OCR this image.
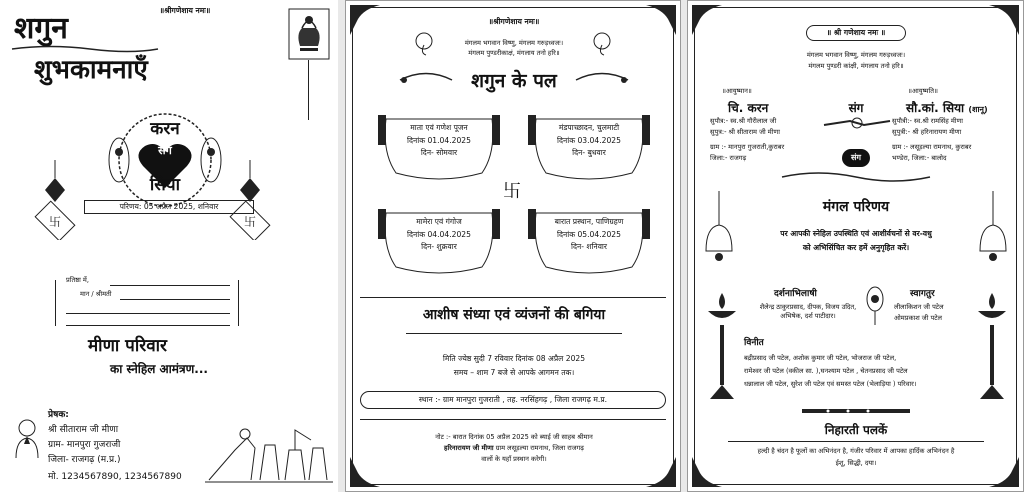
॥श्रीगणेशाय नमः॥
शगुन
शुभकामनाएँ
करन
संग
सिया
परिणय: 05 अप्रैल 2025, शनिवार
卐	卐
प्रतिष्ठा में,
मान / श्रीमती
मीणा परिवार
का स्नेहिल आमंत्रण...
प्रेषक:
श्री सीताराम जी मीणा
ग्राम- मानपुरा गुजराजी
जिला- राजगढ़ (म.प्र.)
मो. 1234567890, 1234567890
॥श्रीगणेशाय नमः॥
मंगलम भगवान विष्णु, मंगलम गरुड़ध्वजः।
मंगलम पुण्डरीकाक्षं, मंगलाय तनो हरि॥
शगुन के पल
माता एवं गणेश पूजन
दिनांक 01.04.2025
दिन- सोमवार
मंडपाच्छादन, चुलमाटी
दिनांक 03.04.2025
दिन- बुधवार
卐
मामेरा एवं गंगोज
दिनांक 04.04.2025
दिन- शुक्रवार
बारात प्रस्थान, पाणिग्रहण
दिनांक 05.04.2025
दिन- शनिवार
आशीष संध्या एवं व्यंजनों की बगिया
मिति ज्येष्ठ सुदी 7 रविवार दिनांक 08 अप्रैल 2025
समय – शाम 7 बजे से आपके आगमन तक।
स्थान :- ग्राम मानपुरा गुजराती , तह. नरसिंहगढ़ , जिला राजगढ़ म.प्र.
नोट :- बारात दिनांक 05 अप्रैल 2025 को ब्याई जी साहब श्रीमान
हरिनारायण जी मीणा ग्राम लसूड़ल्या रामनाथ, जिला राजगढ़
वालों के यहाँ प्रस्थान करेगी।
॥ श्री गणेशाय नमः ॥
मंगलम भगवान विष्णु, मंगलम गरुड़ध्वजः।
मंगलम पुण्डरी कांक्षी, मंगलाय तनो हरि॥
॥आयुष्मान॥	॥आयुष्मति॥
चि. करन	सौ.कां. सिया (शानू)
संग
सुपौत्र:- स्व.श्री गौरीलाल जी
सुपुत्र:- श्री सीताराम जी मीणा
ग्राम :- मानपुरा गुजराती,कुराबर
जिला:- राजगढ़
सुपौत्री:- स्व.श्री रामसिंह मीणा
सुपुत्री:- श्री हरिनारायण मीणा
ग्राम :- लसूड़ल्या रामनाथ, कुराबर
भण्डेरा, जिला:- बालोद
संग
मंगल परिणय
पर आपकी स्नेहिल उपस्थिति एवं आशीर्वचनों से वर-वधु
को अभिसिंचित कर हमें अनुगृहित करें।
दर्शनाभिलाषी
शैलेन्द्र ठाकुरप्रसाद, दीपक, विजय उदित, अभिषेक, दर्श पाटीदार।
स्वागतुर
लीलाकिशन जी पटेल
ओमप्रकाश जी पटेल
विनीत
बद्रीप्रसाद जी पटेल, अशोक कुमार जी पटेल, भोजराज जी पटेल,
रामेश्वर जी पटेल (वकील सा. ),घनश्याम पटेल , चेतनप्रसाद जी पटेल
धन्नालाल जी पटेल, सुरेश जी पटेल एवं समस्त पटेल (भेलाड़िया ) परिवार।
निहारती पलकें
हल्दी है चंदन है फूलों का अभिनंदन है, गंजीर परिवार में आपका हार्दिक अभिनंदन है
ईशू, सिद्धी, दया।
